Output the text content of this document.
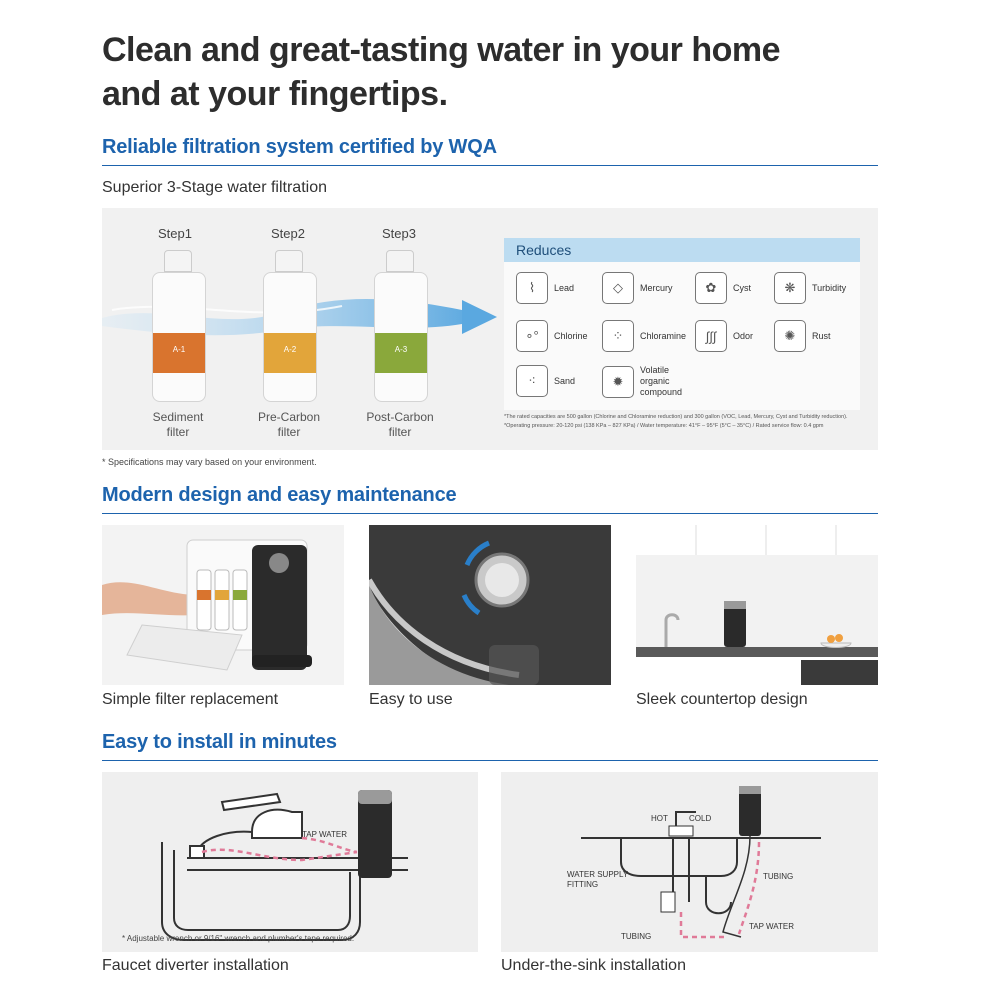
Clean and great-tasting water in your home
and at your fingertips.
Reliable filtration system certified by WQA
Superior 3-Stage water filtration
Step1	Step2	Step3
A-1	A-2	A-3
Sediment
filter
Pre-Carbon
filter
Post-Carbon
filter
Reduces
⌇	Lead	◇	Mercury	✿	Cyst	❋	Turbidity
∘°	Chlorine	⁘	Chloramine	∫∫∫	Odor	✺	Rust
⁖	Sand	✹
Volatile organic compound
*The rated capacities are 500 gallon (Chlorine and Chloramine reduction) and 300 gallon (VOC, Lead, Mercury, Cyst and Turbidity reduction).
*Operating pressure: 20-120 psi (138 KPa – 827 KPa) / Water temperature: 41°F – 95°F (5°C – 35°C) / Rated service flow: 0.4 gpm
* Specifications may vary based on your environment.
Modern design and easy maintenance
Simple filter replacement	Easy to use	Sleek countertop design
Easy to install in minutes
TAP WATER
* Adjustable wrench or 9/16" wrench and plumber's tape required.
Faucet diverter installation
HOT	COLD
WATER SUPPLY
FITTING
TUBING
TUBING
TAP WATER
Under-the-sink installation
